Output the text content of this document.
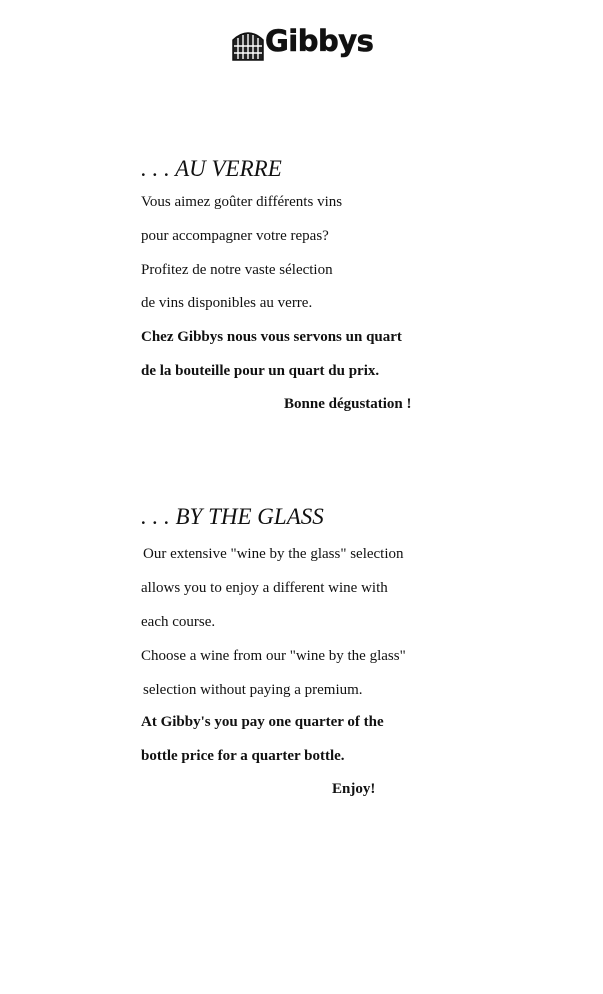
Gibbys
. . . AU VERRE
Vous aimez goûter différents vins
pour accompagner votre repas?
Profitez de notre vaste sélection
de vins disponibles au verre.
Chez Gibbys nous vous servons un quart
de la bouteille pour un quart du prix.
Bonne dégustation !
. . . BY THE GLASS
Our extensive "wine by the glass" selection
allows you to enjoy a different wine with
each course.
Choose a wine from our "wine by the glass"
selection without paying a premium.
At Gibby's you pay one quarter of the
bottle price for a quarter bottle.
Enjoy!
